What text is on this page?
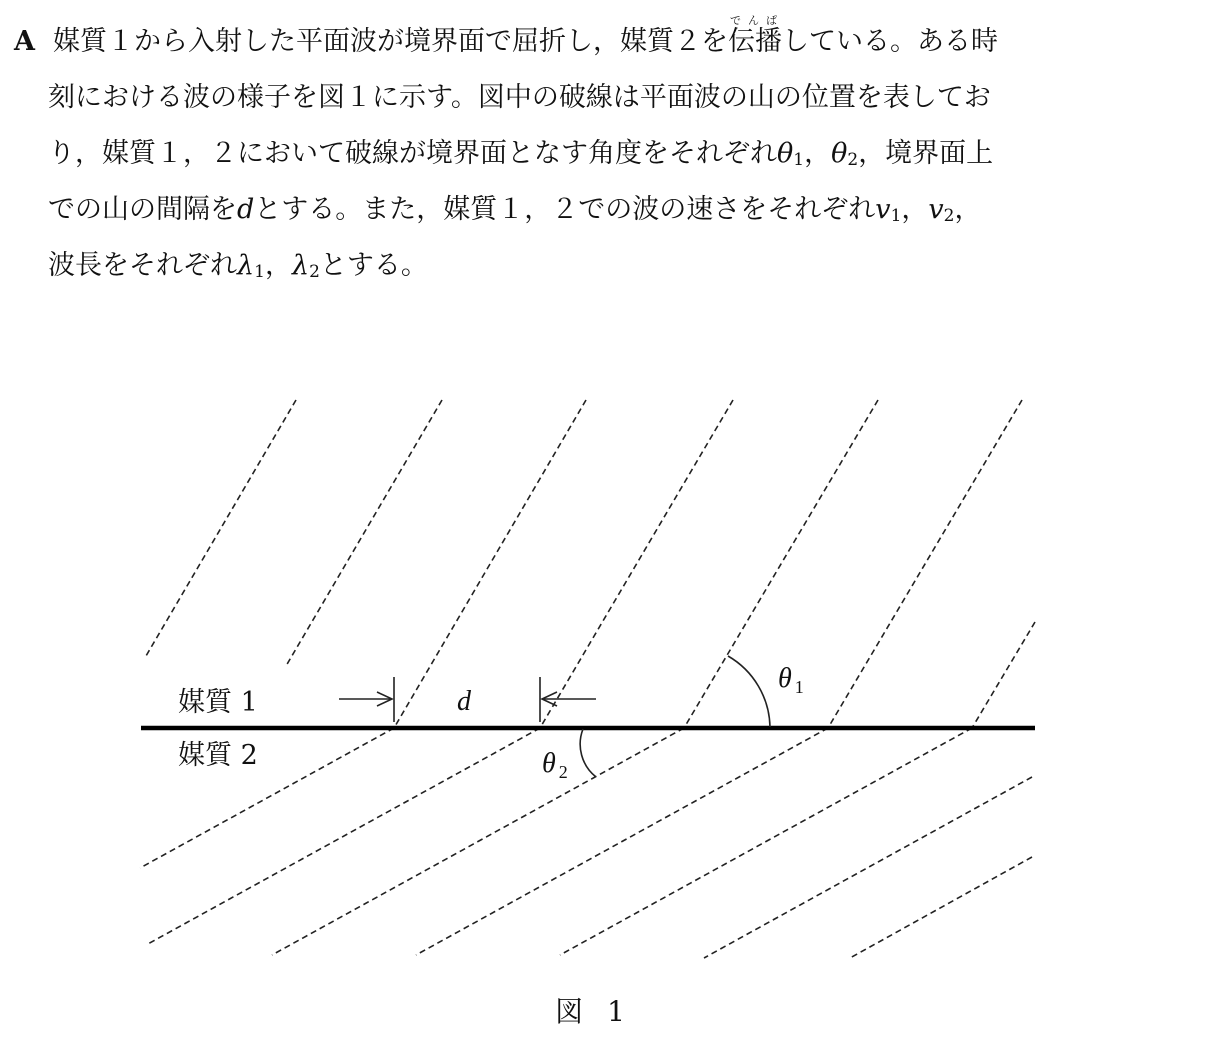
A 媒質１から入射した平面波が境界面で屈折し，媒質２を伝播でんぱしている。ある時
刻における波の様子を図１に示す。図中の破線は平面波の山の位置を表してお
り，媒質１，２において破線が境界面となす角度をそれぞれ$\theta_1$，$\theta_2$，境界面上
での山の間隔をdとする。また，媒質１，２での波の速さをそれぞれ$v_1$，$v_2$，
波長をそれぞれ$\lambda_1$，$\lambda_2$とする。
媒質 1
媒質 2
d
θ $_1$
θ $_2$
図 1
